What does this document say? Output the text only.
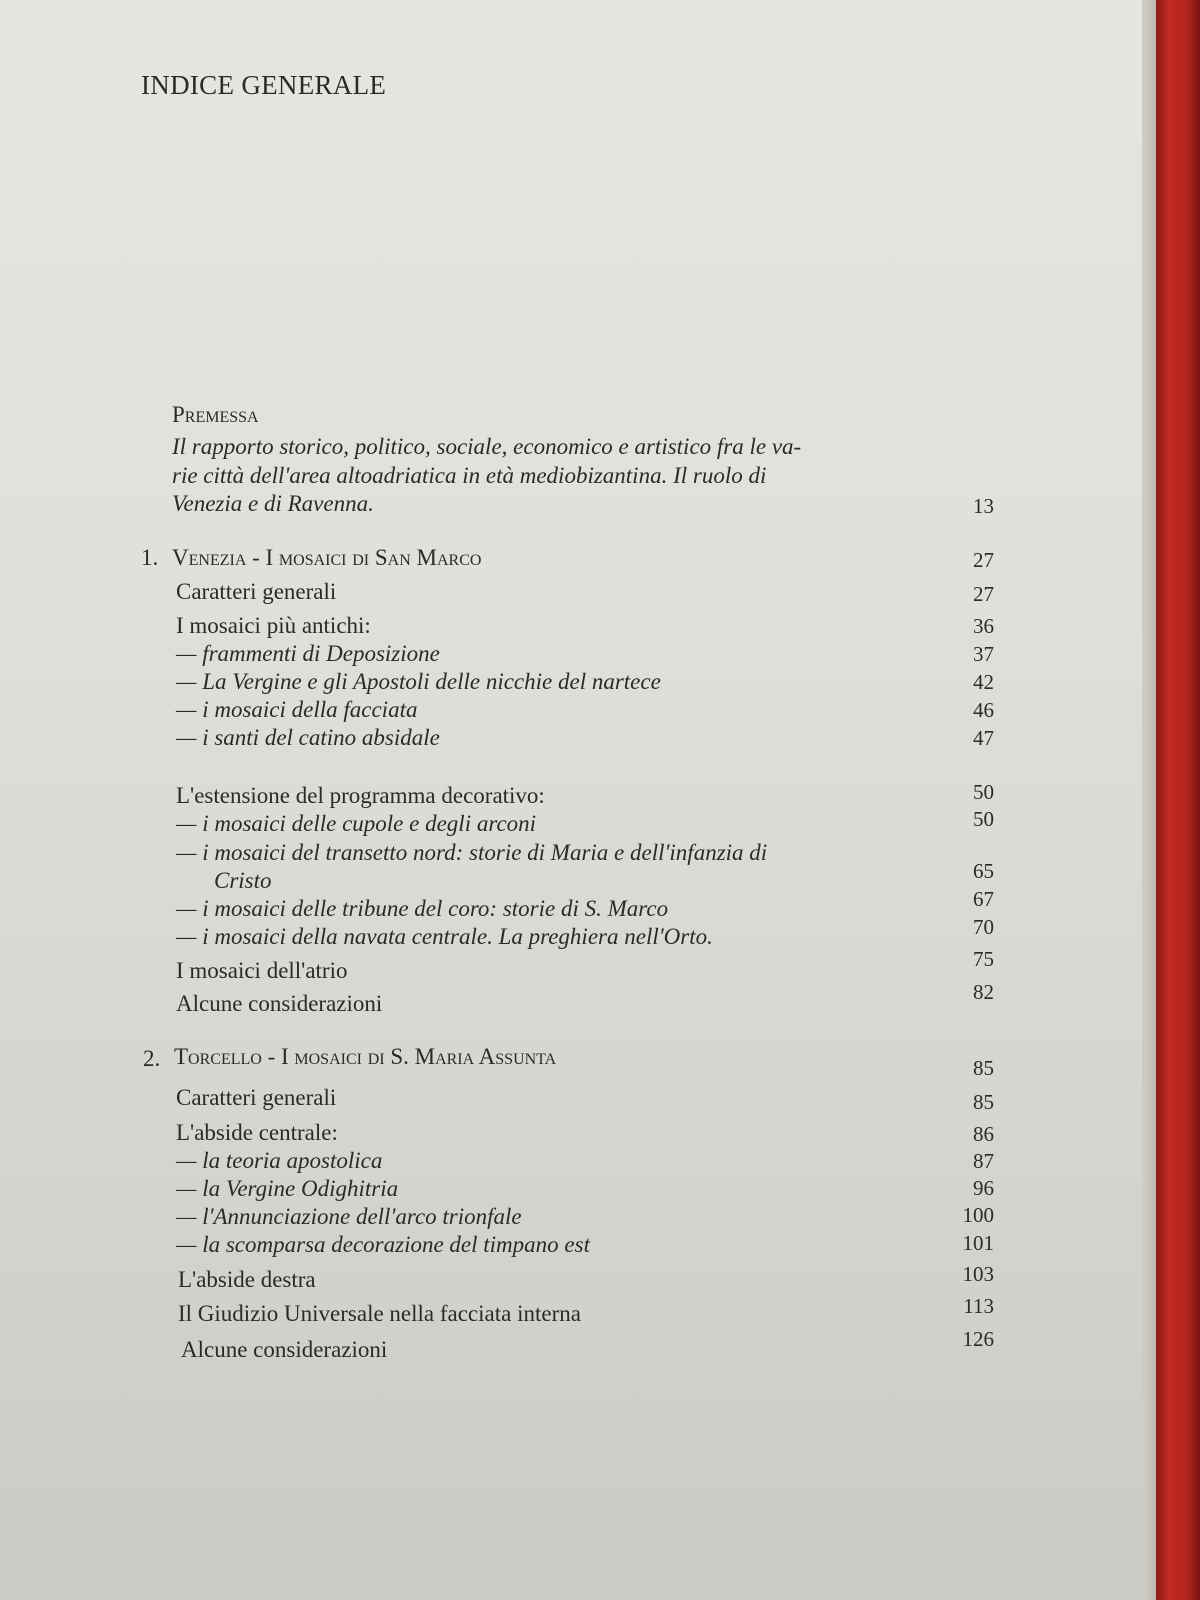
INDICE GENERALE
Premessa
Il rapporto storico, politico, sociale, economico e artistico fra le va-
rie città dell'area altoadriatica in età mediobizantina. Il ruolo di
Venezia e di Ravenna.	13
1. Venezia - I mosaici di San Marco
Caratteri generali
I mosaici più antichi:
— frammenti di Deposizione
— La Vergine e gli Apostoli delle nicchie del nartece
— i mosaici della facciata
— i santi del catino absidale
L'estensione del programma decorativo:
— i mosaici delle cupole e degli arconi
— i mosaici del transetto nord: storie di Maria e dell'infanzia di
Cristo
— i mosaici delle tribune del coro: storie di S. Marco
— i mosaici della navata centrale. La preghiera nell'Orto.
I mosaici dell'atrio
Alcune considerazioni
27
27
36
37
42
46
47
50
50
65
67
70
75
82
2. Torcello - I mosaici di S. Maria Assunta
Caratteri generali
L'abside centrale:
— la teoria apostolica
— la Vergine Odighitria
— l'Annunciazione dell'arco trionfale
— la scomparsa decorazione del timpano est
L'abside destra
Il Giudizio Universale nella facciata interna
Alcune considerazioni
85
85
86
87
96
100
101
103
113
126
